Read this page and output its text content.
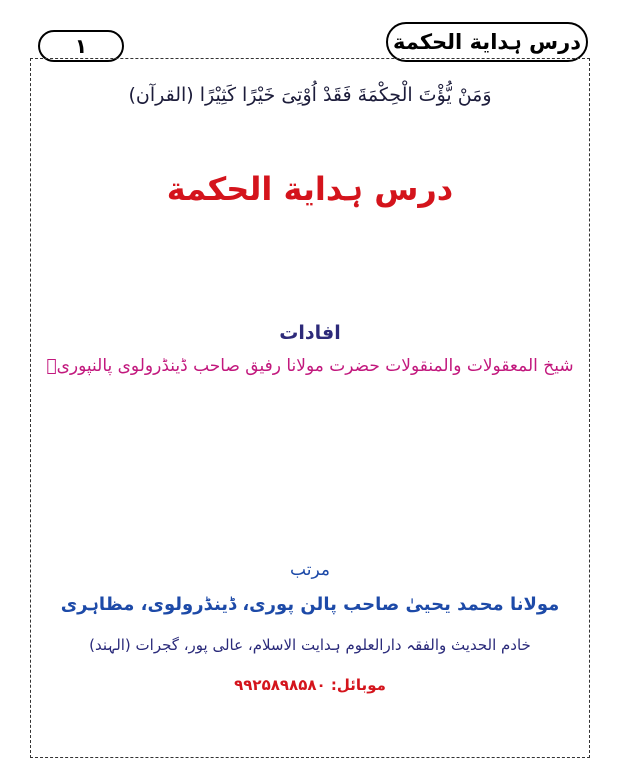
۱	درس ہدایة الحکمة
وَمَنْ یُّؤْتَ الْحِكْمَةَ فَقَدْ اُوْتِیَ خَیْرًا كَثِیْرًا (القرآن)
درس ہدایة الحکمة
افادات
شیخ المعقولات والمنقولات حضرت مولانا رفیق صاحب ڈینڈرولوی پالنپوریؒ
مرتب
مولانا محمد یحییٰ صاحب پالن پوری، ڈینڈرولوی، مظاہری
خادم الحدیث والفقہ دارالعلوم ہدایت الاسلام، عالی پور، گجرات (الہند)
موبائل: ۹۹۲۵۸۹۸۵۸۰
